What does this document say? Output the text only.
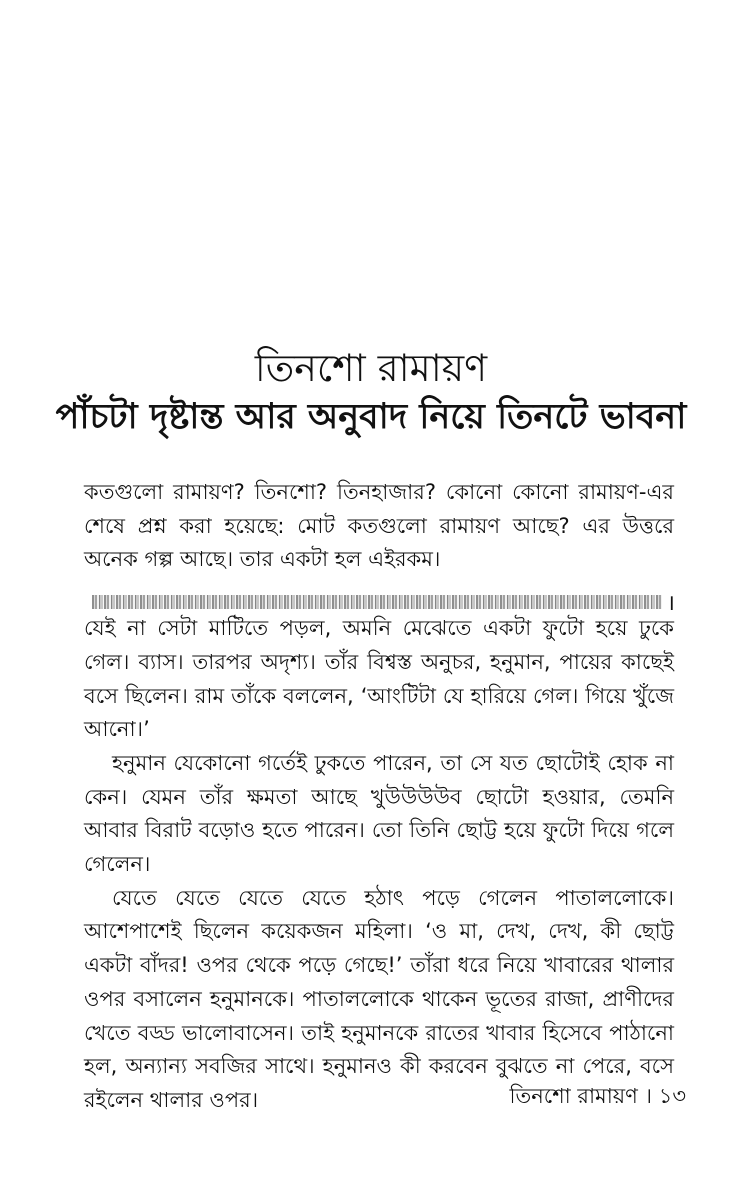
তিনশো রামায়ণ
পাঁচটা দৃষ্টান্ত আর অনুবাদ নিয়ে তিনটে ভাবনা

কতগুলো রামায়ণ? তিনশো? তিনহাজার? কোনো কোনো রামায়ণ-এর শেষে প্রশ্ন করা হয়েছে: মোট কতগুলো রামায়ণ আছে? এর উত্তরে অনেক গল্প আছে। তার একটা হল এইরকম।

যেই না সেটা মাটিতে পড়ল, অমনি মেঝেতে একটা ফুটো হয়ে ঢুকে গেল। ব্যাস। তারপর অদৃশ্য। তাঁর বিশ্বস্ত অনুচর, হনুমান, পায়ের কাছেই বসে ছিলেন। রাম তাঁকে বললেন, ‘আংটিটা যে হারিয়ে গেল। গিয়ে খুঁজে আনো।’

হনুমান যেকোনো গর্তেই ঢুকতে পারেন, তা সে যত ছোটোই হোক না কেন। যেমন তাঁর ক্ষমতা আছে খুউউউউব ছোটো হওয়ার, তেমনি আবার বিরাট বড়োও হতে পারেন। তো তিনি ছোট্ট হয়ে ফুটো দিয়ে গলে গেলেন।

যেতে যেতে যেতে যেতে হঠাৎ পড়ে গেলেন পাতাললোকে। আশেপাশেই ছিলেন কয়েকজন মহিলা। ‘ও মা, দেখ, দেখ, কী ছোট্ট একটা বাঁদর! ওপর থেকে পড়ে গেছে!’ তাঁরা ধরে নিয়ে খাবারের থালার ওপর বসালেন হনুমানকে। পাতাললোকে থাকেন ভূতের রাজা, প্রাণীদের খেতে বড্ড ভালোবাসেন। তাই হনুমানকে রাতের খাবার হিসেবে পাঠানো হল, অন্যান্য সবজির সাথে। হনুমানও কী করবেন বুঝতে না পেরে, বসে রইলেন থালার ওপর।

।
তিনশো রামায়ণ । ১৩
